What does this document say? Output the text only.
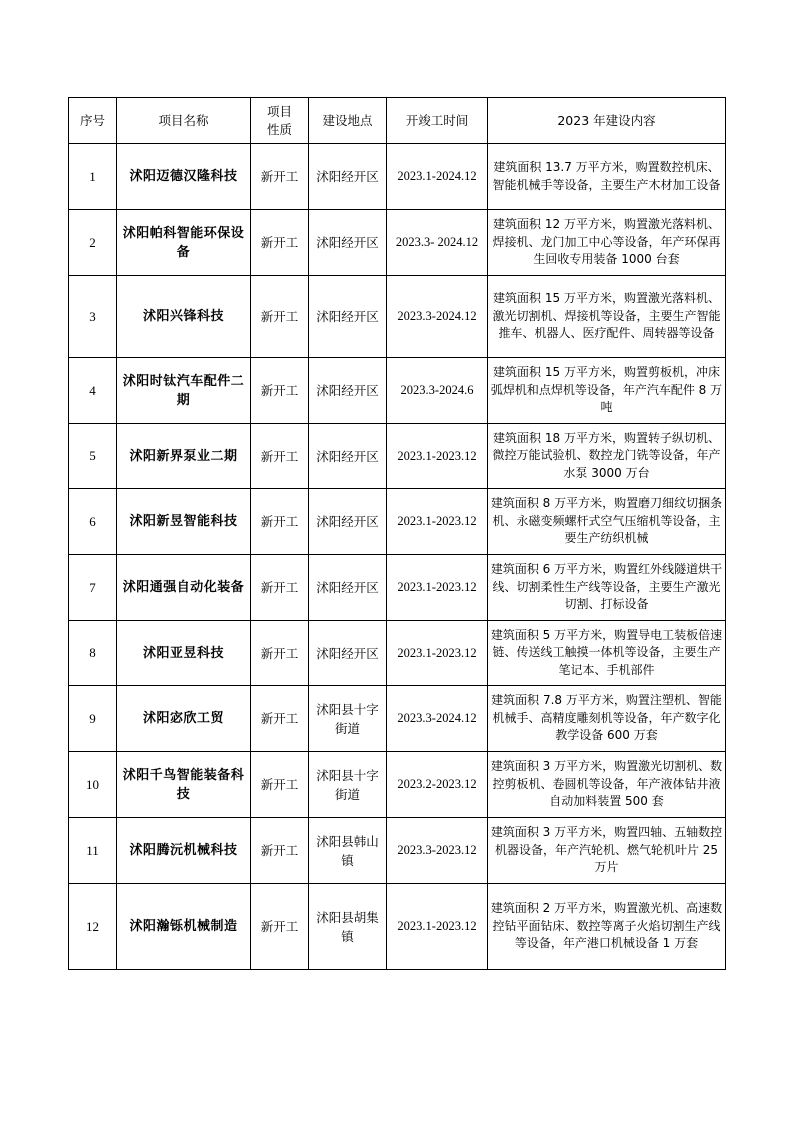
序号	项目名称	项目性质	建设地点	开竣工时间	2023 年建设内容
1	沭阳迈德汉隆科技	新开工	沭阳经开区	2023.1-2024.12	建筑面积 13.7 万平方米，购置数控机床、智能机械手等设备，主要生产木材加工设备
2	沭阳帕科智能环保设备	新开工	沭阳经开区	2023.3- 2024.12	建筑面积 12 万平方米，购置激光落料机、焊接机、龙门加工中心等设备，年产环保再生回收专用装备 1000 台套
3	沭阳兴锋科技	新开工	沭阳经开区	2023.3-2024.12	建筑面积 15 万平方米，购置激光落料机、激光切割机、焊接机等设备，主要生产智能推车、机器人、医疗配件、周转器等设备
4	沭阳时钛汽车配件二期	新开工	沭阳经开区	2023.3-2024.6	建筑面积 15 万平方米，购置剪板机，冲床弧焊机和点焊机等设备，年产汽车配件 8 万吨
5	沭阳新界泵业二期	新开工	沭阳经开区	2023.1-2023.12	建筑面积 18 万平方米，购置转子纵切机、微控万能试验机、数控龙门铣等设备，年产水泵 3000 万台
6	沭阳新昱智能科技	新开工	沭阳经开区	2023.1-2023.12	建筑面积 8 万平方米，购置磨刀细纹切捆条机、永磁变频螺杆式空气压缩机等设备，主要生产纺织机械
7	沭阳通强自动化装备	新开工	沭阳经开区	2023.1-2023.12	建筑面积 6 万平方米，购置红外线隧道烘干线、切割柔性生产线等设备，主要生产激光切割、打标设备
8	沭阳亚昱科技	新开工	沭阳经开区	2023.1-2023.12	建筑面积 5 万平方米，购置导电工装板倍速链、传送线工触摸一体机等设备，主要生产笔记本、手机部件
9	沭阳宓欣工贸	新开工	沭阳县十字街道	2023.3-2024.12	建筑面积 7.8 万平方米，购置注塑机、智能机械手、高精度雕刻机等设备，年产数字化教学设备 600 万套
10	沭阳千鸟智能装备科技	新开工	沭阳县十字街道	2023.2-2023.12	建筑面积 3 万平方米，购置激光切割机、数控剪板机、卷圆机等设备，年产液体钻井液自动加料装置 500 套
11	沭阳腾沅机械科技	新开工	沭阳县韩山镇	2023.3-2023.12	建筑面积 3 万平方米，购置四轴、五轴数控机器设备，年产汽轮机、燃气轮机叶片 25 万片
12	沭阳瀚铄机械制造	新开工	沭阳县胡集镇	2023.1-2023.12	建筑面积 2 万平方米，购置激光机、高速数控钻平面钻床、数控等离子火焰切割生产线等设备，年产港口机械设备 1 万套
